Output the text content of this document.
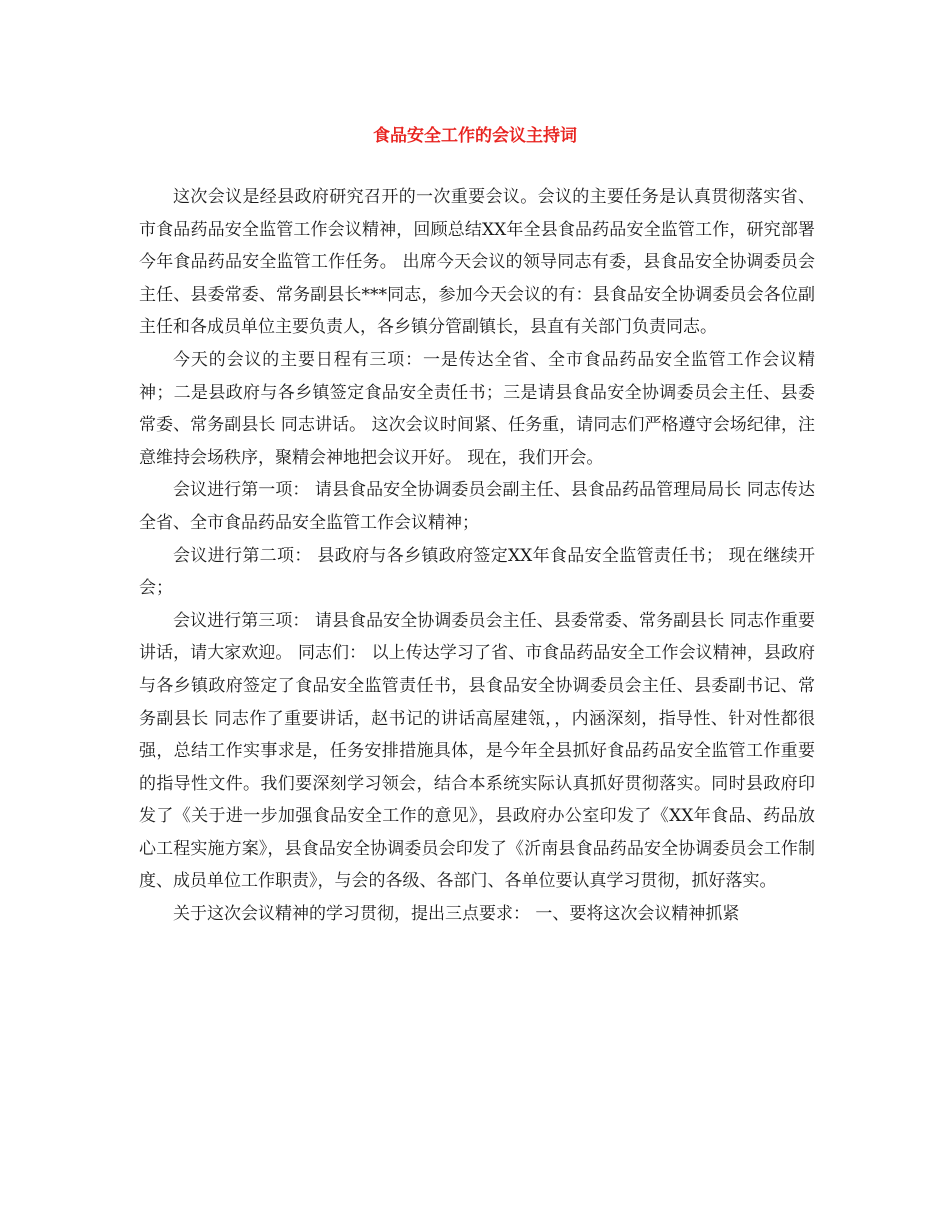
食品安全工作的会议主持词

这次会议是经县政府研究召开的一次重要会议。会议的主要任务是认真贯彻落实省、市食品药品安全监管工作会议精神，回顾总结XX年全县食品药品安全监管工作，研究部署今年食品药品安全监管工作任务。 出席今天会议的领导同志有委，县食品安全协调委员会主任、县委常委、常务副县长***同志，参加今天会议的有：县食品安全协调委员会各位副主任和各成员单位主要负责人，各乡镇分管副镇长，县直有关部门负责同志。

今天的会议的主要日程有三项：一是传达全省、全市食品药品安全监管工作会议精神；二是县政府与各乡镇签定食品安全责任书；三是请县食品安全协调委员会主任、县委常委、常务副县长 同志讲话。 这次会议时间紧、任务重，请同志们严格遵守会场纪律，注意维持会场秩序，聚精会神地把会议开好。 现在，我们开会。

会议进行第一项： 请县食品安全协调委员会副主任、县食品药品管理局局长 同志传达全省、全市食品药品安全监管工作会议精神；

会议进行第二项： 县政府与各乡镇政府签定XX年食品安全监管责任书； 现在继续开会；

会议进行第三项： 请县食品安全协调委员会主任、县委常委、常务副县长 同志作重要讲话，请大家欢迎。 同志们： 以上传达学习了省、市食品药品安全工作会议精神，县政府与各乡镇政府签定了食品安全监管责任书，县食品安全协调委员会主任、县委副书记、常务副县长 同志作了重要讲话，赵书记的讲话高屋建瓴，，内涵深刻，指导性、针对性都很强，总结工作实事求是，任务安排措施具体，是今年全县抓好食品药品安全监管工作重要的指导性文件。我们要深刻学习领会，结合本系统实际认真抓好贯彻落实。同时县政府印发了《关于进一步加强食品安全工作的意见》，县政府办公室印发了《XX年食品、药品放心工程实施方案》，县食品安全协调委员会印发了《沂南县食品药品安全协调委员会工作制度、成员单位工作职责》，与会的各级、各部门、各单位要认真学习贯彻，抓好落实。

关于这次会议精神的学习贯彻，提出三点要求： 一、要将这次会议精神抓紧
